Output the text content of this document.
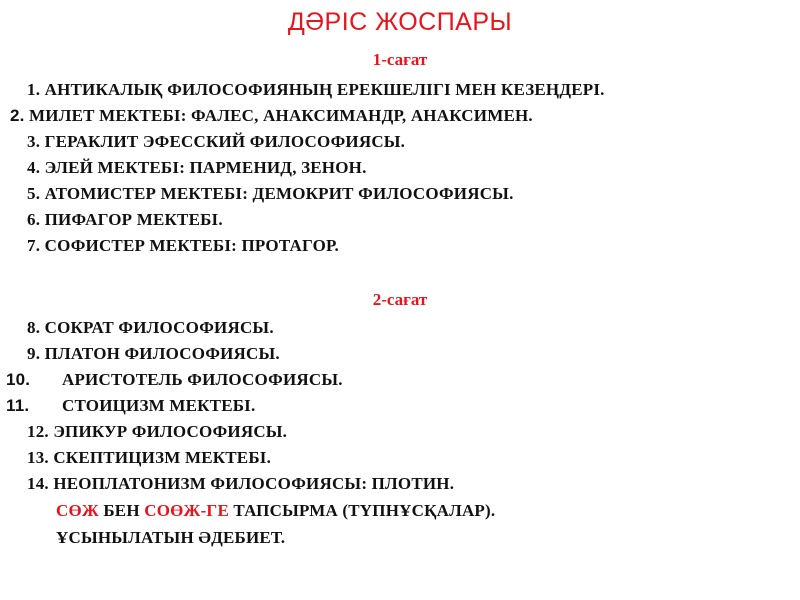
ДӘРІС ЖОСПАРЫ
1-сағат
1. АНТИКАЛЫҚ ФИЛОСОФИЯНЫҢ ЕРЕКШЕЛІГІ МЕН КЕЗЕҢДЕРІ.
2. МИЛЕТ МЕКТЕБІ: ФАЛЕС, АНАКСИМАНДР, АНАКСИМЕН.
3. ГЕРАКЛИТ ЭФЕССКИЙ ФИЛОСОФИЯСЫ.
4. ЭЛЕЙ МЕКТЕБІ: ПАРМЕНИД, ЗЕНОН.
5. АТОМИСТЕР МЕКТЕБІ: ДЕМОКРИТ ФИЛОСОФИЯСЫ.
6. ПИФАГОР МЕКТЕБІ.
7. СОФИСТЕР МЕКТЕБІ: ПРОТАГОР.
2-сағат
8. СОКРАТ ФИЛОСОФИЯСЫ.
9. ПЛАТОН ФИЛОСОФИЯСЫ.
10. АРИСТОТЕЛЬ ФИЛОСОФИЯСЫ.
11. СТОИЦИЗМ МЕКТЕБІ.
12. ЭПИКУР ФИЛОСОФИЯСЫ.
13. СКЕПТИЦИЗМ МЕКТЕБІ.
14. НЕОПЛАТОНИЗМ ФИЛОСОФИЯСЫ: ПЛОТИН.
СӨЖ БЕН СОӨЖ-ГЕ ТАПСЫРМА (ТҮПНҰСҚАЛАР).
ҰСЫНЫЛАТЫН ӘДЕБИЕТ.
